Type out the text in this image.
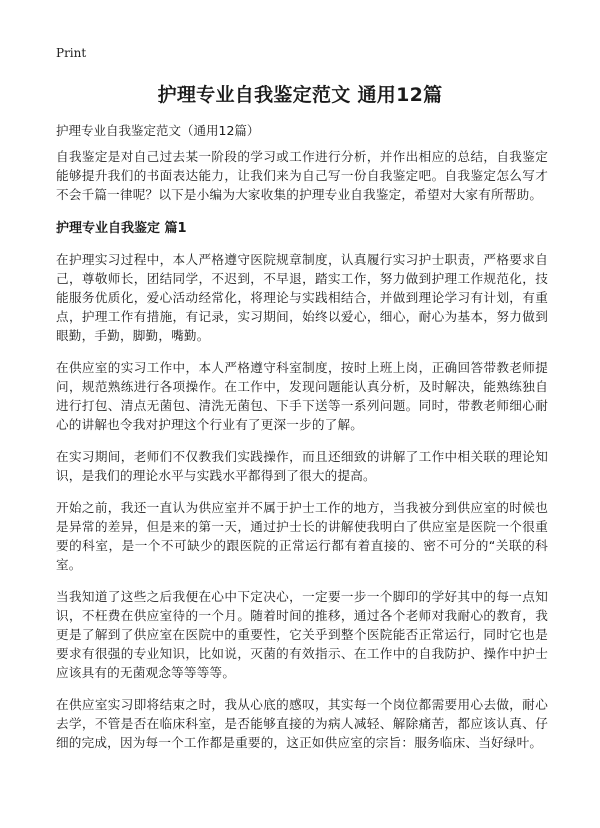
Print
护理专业自我鉴定范文 通用12篇

护理专业自我鉴定范文（通用12篇）

自我鉴定是对自己过去某一阶段的学习或工作进行分析，并作出相应的总结，自我鉴定能够提升我们的书面表达能力，让我们来为自己写一份自我鉴定吧。自我鉴定怎么写才不会千篇一律呢？以下是小编为大家收集的护理专业自我鉴定，希望对大家有所帮助。

护理专业自我鉴定 篇1

在护理实习过程中，本人严格遵守医院规章制度，认真履行实习护士职责，严格要求自己，尊敬师长，团结同学，不迟到，不早退，踏实工作，努力做到护理工作规范化，技能服务优质化，爱心活动经常化，将理论与实践相结合，并做到理论学习有计划，有重点，护理工作有措施，有记录，实习期间，始终以爱心，细心，耐心为基本，努力做到眼勤，手勤，脚勤，嘴勤。

在供应室的实习工作中，本人严格遵守科室制度，按时上班上岗，正确回答带教老师提问，规范熟练进行各项操作。在工作中，发现问题能认真分析，及时解决，能熟练独自进行打包、清点无菌包、清洗无菌包、下手下送等一系列问题。同时，带教老师细心耐心的讲解也令我对护理这个行业有了更深一步的了解。

在实习期间，老师们不仅教我们实践操作，而且还细致的讲解了工作中相关联的理论知识，是我们的理论水平与实践水平都得到了很大的提高。

开始之前，我还一直认为供应室并不属于护士工作的地方，当我被分到供应室的时候也是异常的差异，但是来的第一天，通过护士长的讲解使我明白了供应室是医院一个很重要的科室，是一个不可缺少的跟医院的正常运行都有着直接的、密不可分的“关联的科室。

当我知道了这些之后我便在心中下定决心，一定要一步一个脚印的学好其中的每一点知识，不枉费在供应室待的一个月。随着时间的推移，通过各个老师对我耐心的教育，我更是了解到了供应室在医院中的重要性，它关乎到整个医院能否正常运行，同时它也是要求有很强的专业知识，比如说，灭菌的有效指示、在工作中的自我防护、操作中护士应该具有的无菌观念等等等等。

在供应室实习即将结束之时，我从心底的感叹，其实每一个岗位都需要用心去做，耐心去学，不管是否在临床科室，是否能够直接的为病人减轻、解除痛苦，都应该认真、仔细的完成，因为每一个工作都是重要的，这正如供应室的宗旨：服务临床、当好绿叶。
